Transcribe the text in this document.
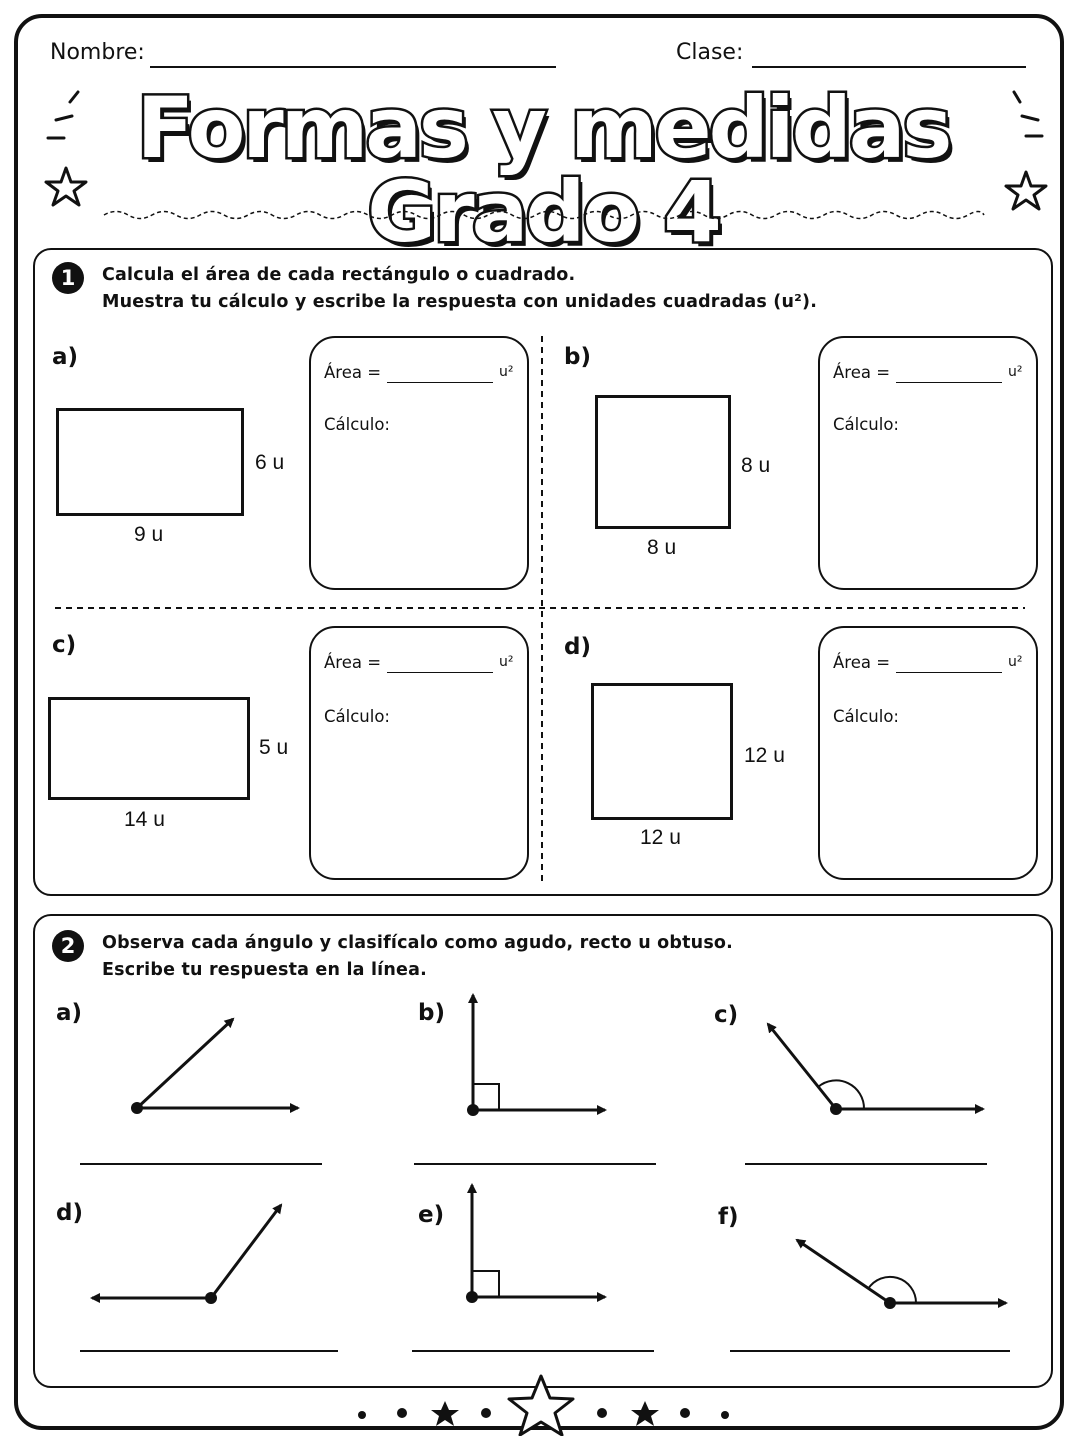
Nombre:	Clase:
Formas y medidas Grado 4
1	Calcula el área de cada rectángulo o cuadrado.
Muestra tu cálculo y escribe la respuesta con unidades cuadradas (u²).
a)
6 u
9 u
Área =	u²
Cálculo:
b)
8 u
8 u
Área =	u²
Cálculo:
c)
5 u
14 u
Área =	u²
Cálculo:
d)
12 u
12 u
Área =	u²
Cálculo:
2	Observa cada ángulo y clasifícalo como agudo, recto u obtuso.
Escribe tu respuesta en la línea.
a)	b)	c)
d)	e)	f)
